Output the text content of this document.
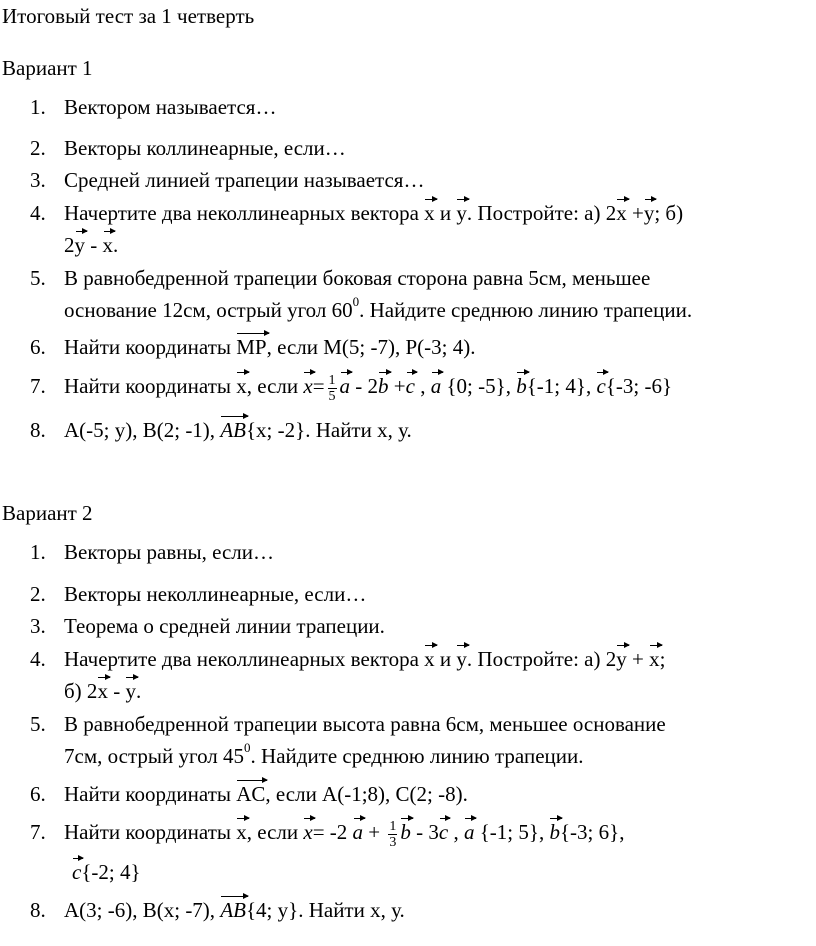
Итоговый тест за 1 четверть
Вариант 1
1. Вектором называется…
2. Векторы коллинеарные, если…
3. Средней линией трапеции называется…
4. Начертите два неколлинеарных вектора x и y. Постройте: а) 2x +y; б)
2y - x.
5. В равнобедренной трапеции боковая сторона равна 5см, меньшее
основание 12см, острый угол $60^0$. Найдите среднюю линию трапеции.
6. Найти координаты MP, если М(5; -7), Р(-3; 4).
7. Найти координаты x, если $x= \frac{1}{5}$ a - 2b +c , a {0; -5}, b{-1; 4}, c{-3; -6}
8. А(-5; у), В(2; -1), AB{x; -2}. Найти х, у.
Вариант 2
1. Векторы равны, если…
2. Векторы неколлинеарные, если…
3. Теорема о средней линии трапеции.
4. Начертите два неколлинеарных вектора x и y. Постройте: а) 2y + x;
б) 2x - y.
5. В равнобедренной трапеции высота равна 6см, меньшее основание
7см, острый угол $45^0$. Найдите среднюю линию трапеции.
6. Найти координаты AC, если А(-1;8), С(2; -8).
7. Найти координаты x, если x= -2 $a + \frac{1}{3}$ b - 3c , a {-1; 5}, b{-3; 6},
c{-2; 4}
8. А(3; -6), В(х; -7), AB{4; у}. Найти х, у.
